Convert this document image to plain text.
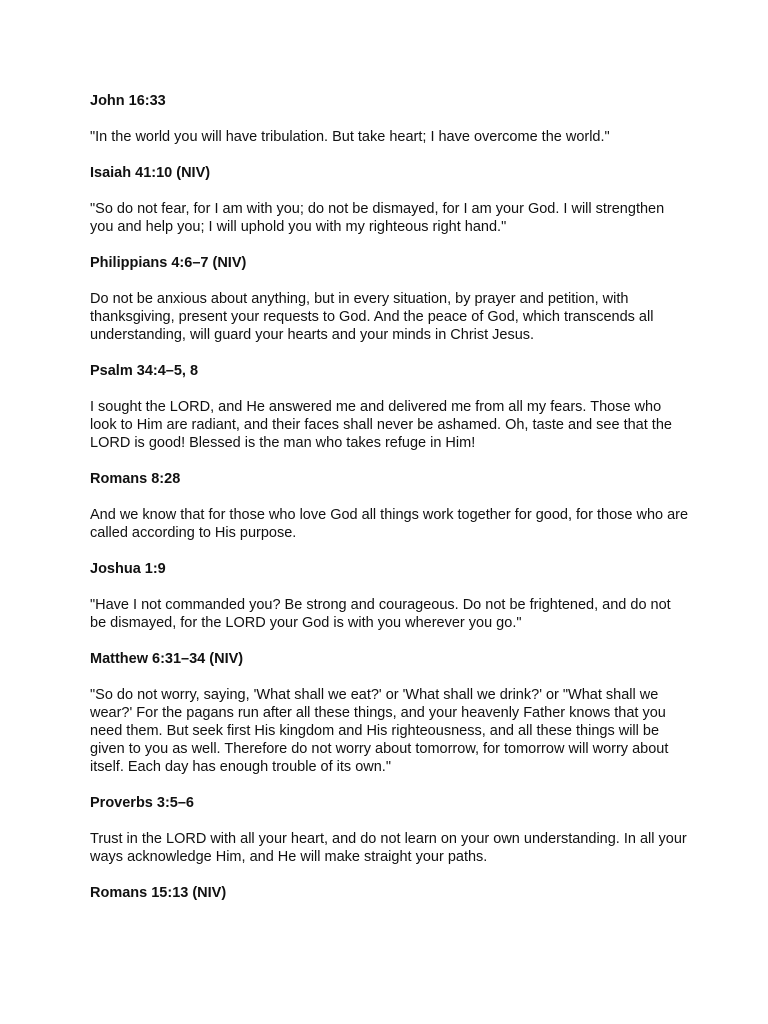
John 16:33
"In the world you will have tribulation. But take heart; I have overcome the world."
Isaiah 41:10 (NIV)
"So do not fear, for I am with you; do not be dismayed, for I am your God. I will strengthen you and help you; I will uphold you with my righteous right hand."
Philippians 4:6–7 (NIV)
Do not be anxious about anything, but in every situation, by prayer and petition, with thanksgiving, present your requests to God. And the peace of God, which transcends all understanding, will guard your hearts and your minds in Christ Jesus.
Psalm 34:4–5, 8
I sought the LORD, and He answered me and delivered me from all my fears. Those who look to Him are radiant, and their faces shall never be ashamed. Oh, taste and see that the LORD is good! Blessed is the man who takes refuge in Him!
Romans 8:28
And we know that for those who love God all things work together for good, for those who are called according to His purpose.
Joshua 1:9
"Have I not commanded you? Be strong and courageous. Do not be frightened, and do not be dismayed, for the LORD your God is with you wherever you go."
Matthew 6:31–34 (NIV)
"So do not worry, saying, 'What shall we eat?' or 'What shall we drink?' or "What shall we wear?' For the pagans run after all these things, and your heavenly Father knows that you need them. But seek first His kingdom and His righteousness, and all these things will be given to you as well. Therefore do not worry about tomorrow, for tomorrow will worry about itself. Each day has enough trouble of its own."
Proverbs 3:5–6
Trust in the LORD with all your heart, and do not learn on your own understanding. In all your ways acknowledge Him, and He will make straight your paths.
Romans 15:13 (NIV)
